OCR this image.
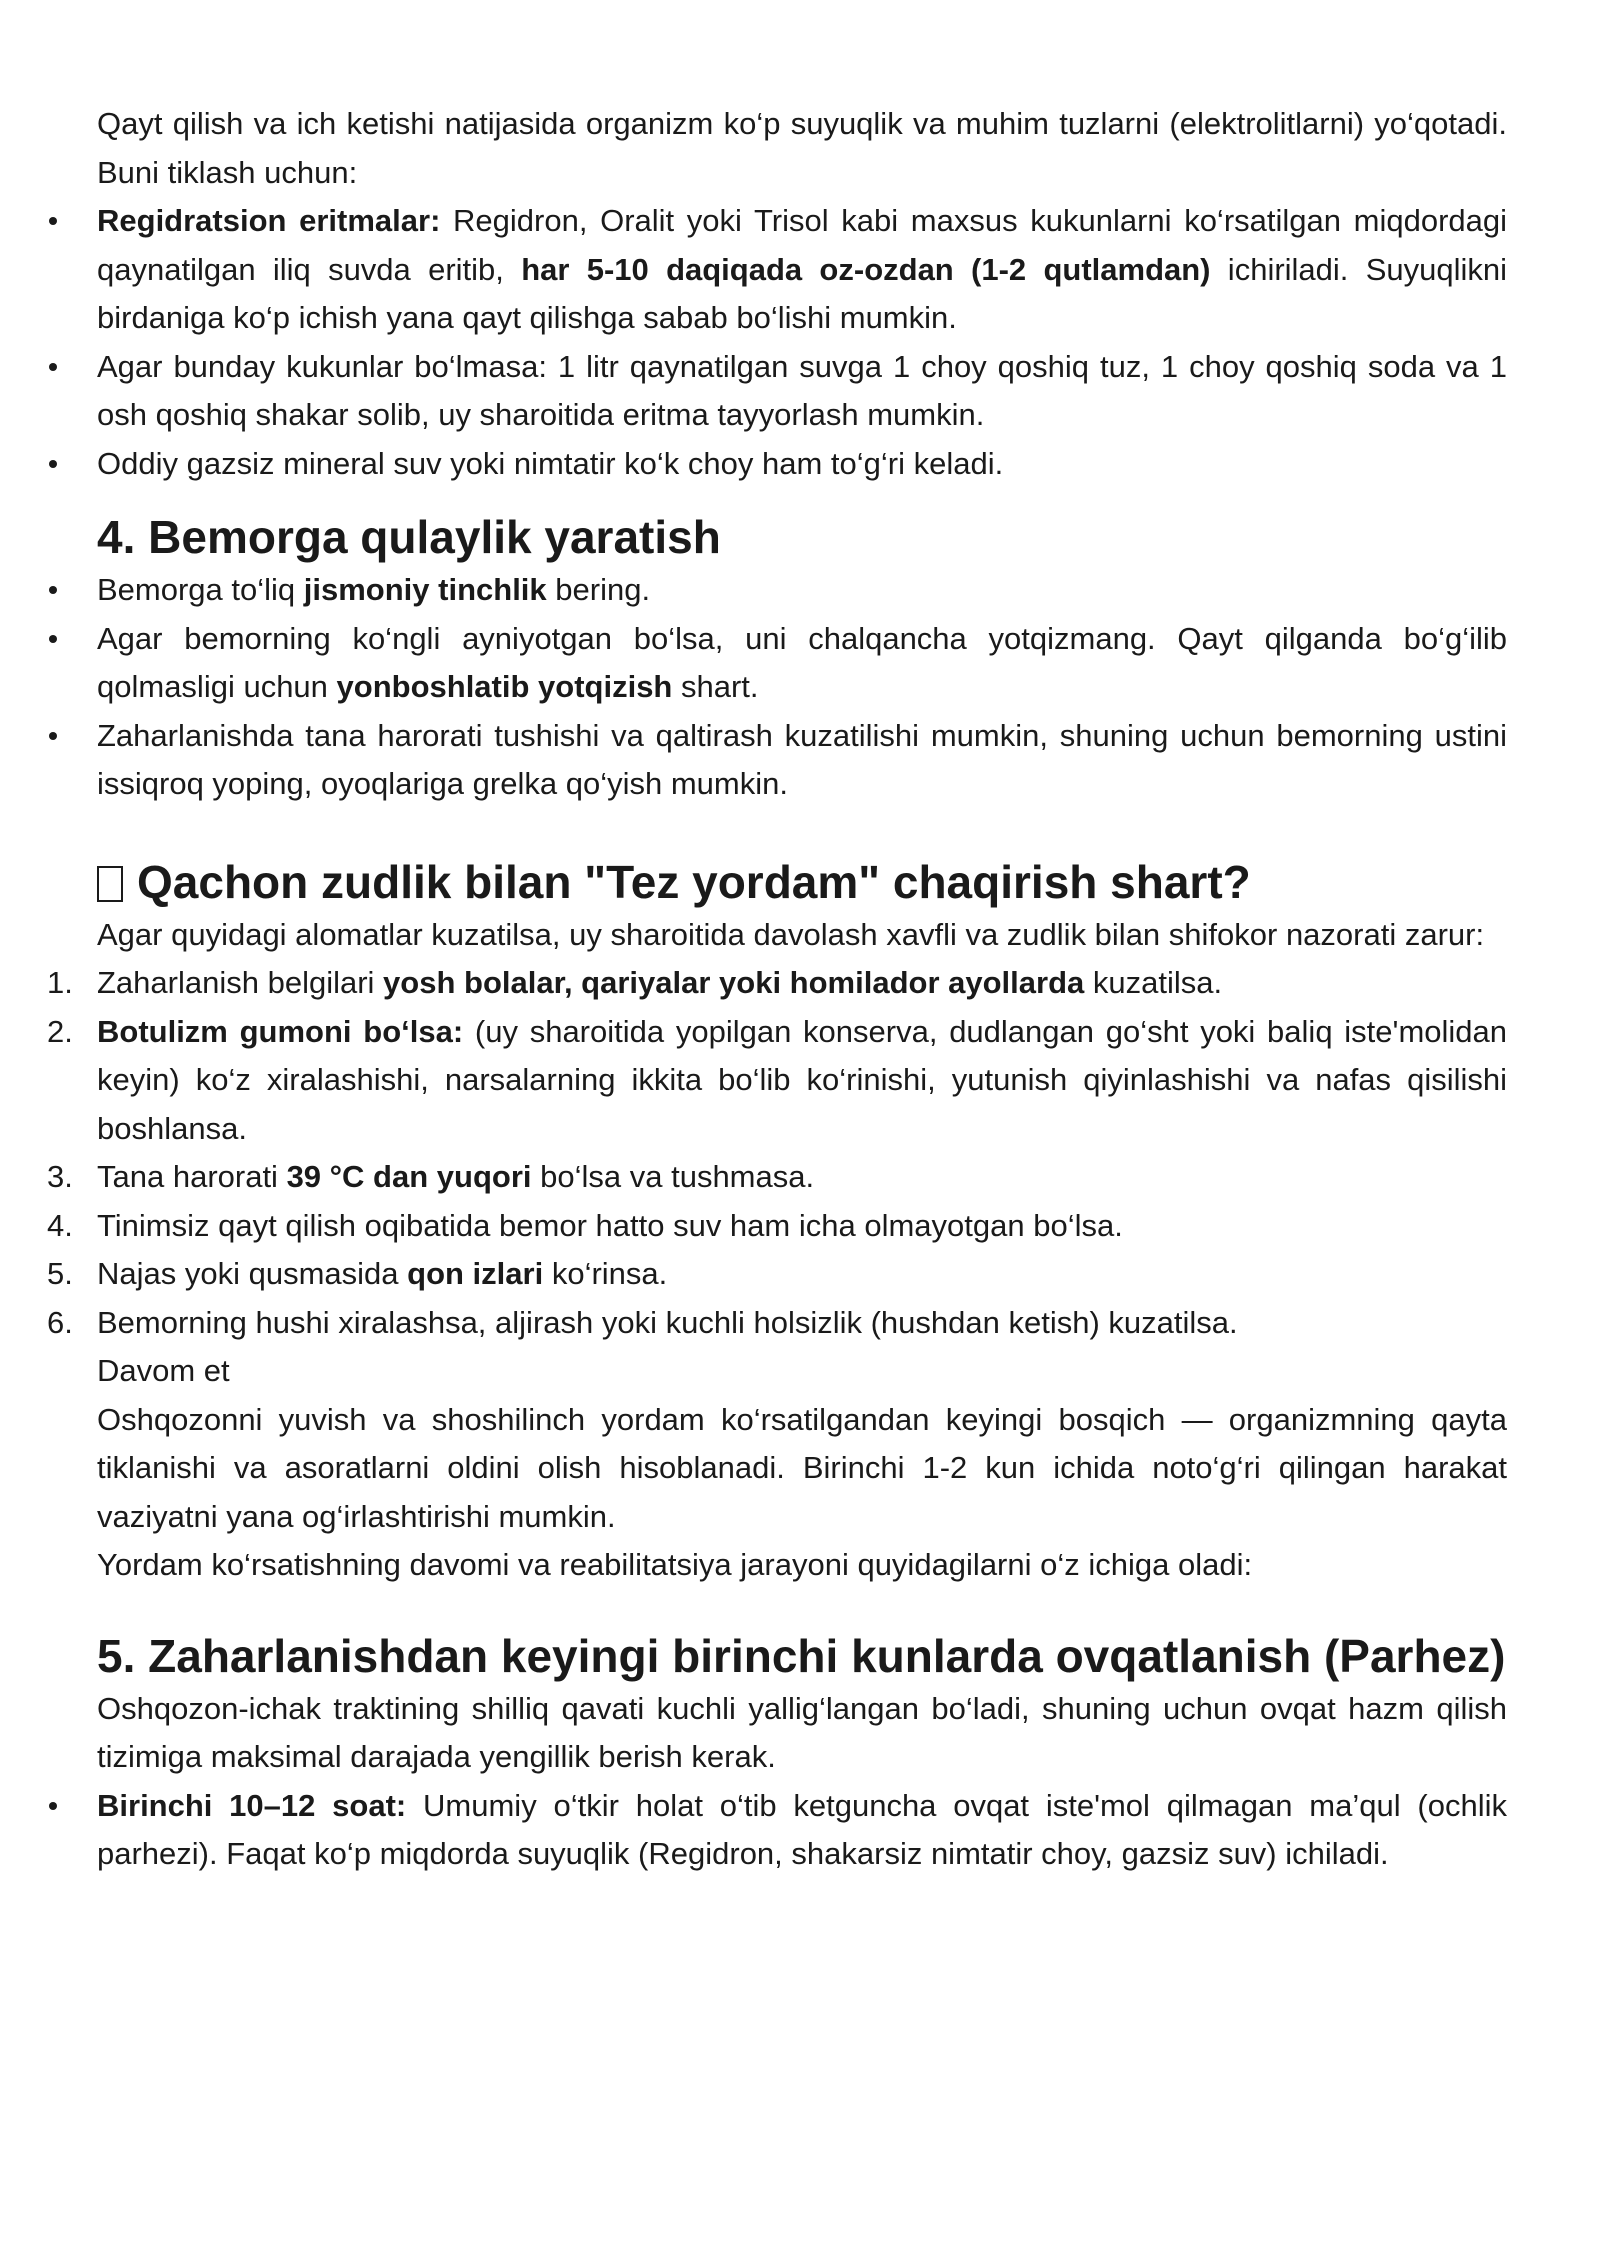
Qayt qilish va ich ketishi natijasida organizm ko‘p suyuqlik va muhim tuzlarni (elektrolitlarni) yo‘qotadi. Buni tiklash uchun:

Regidratsion eritmalar: Regidron, Oralit yoki Trisol kabi maxsus kukunlarni ko‘rsatilgan miqdordagi qaynatilgan iliq suvda eritib, har 5-10 daqiqada oz-ozdan (1-2 qutlamdan) ichiriladi. Suyuqlikni birdaniga ko‘p ichish yana qayt qilishga sabab bo‘lishi mumkin.
Agar bunday kukunlar bo‘lmasa: 1 litr qaynatilgan suvga 1 choy qoshiq tuz, 1 choy qoshiq soda va 1 osh qoshiq shakar solib, uy sharoitida eritma tayyorlash mumkin.
Oddiy gazsiz mineral suv yoki nimtatir ko‘k choy ham to‘g‘ri keladi.
4. Bemorga qulaylik yaratish
Bemorga to‘liq jismoniy tinchlik bering.
Agar bemorning ko‘ngli ayniyotgan bo‘lsa, uni chalqancha yotqizmang. Qayt qilganda bo‘g‘ilib qolmasligi uchun yonboshlatib yotqizish shart.
Zaharlanishda tana harorati tushishi va qaltirash kuzatilishi mumkin, shuning uchun bemorning ustini issiqroq yoping, oyoqlariga grelka qo‘yish mumkin.
Qachon zudlik bilan "Tez yordam" chaqirish shart?

Agar quyidagi alomatlar kuzatilsa, uy sharoitida davolash xavfli va zudlik bilan shifokor nazorati zarur:

1. Zaharlanish belgilari yosh bolalar, qariyalar yoki homilador ayollarda kuzatilsa.
2. Botulizm gumoni bo‘lsa: (uy sharoitida yopilgan konserva, dudlangan go‘sht yoki baliq iste'molidan keyin) ko‘z xiralashishi, narsalarning ikkita bo‘lib ko‘rinishi, yutunish qiyinlashishi va nafas qisilishi boshlansa.
3. Tana harorati 39 °C dan yuqori bo‘lsa va tushmasa.
4. Tinimsiz qayt qilish oqibatida bemor hatto suv ham icha olmayotgan bo‘lsa.
5. Najas yoki qusmasida qon izlari ko‘rinsa.
6. Bemorning hushi xiralashsa, aljirash yoki kuchli holsizlik (hushdan ketish) kuzatilsa.
Davom et

Oshqozonni yuvish va shoshilinch yordam ko‘rsatilgandan keyingi bosqich — organizmning qayta tiklanishi va asoratlarni oldini olish hisoblanadi. Birinchi 1-2 kun ichida noto‘g‘ri qilingan harakat vaziyatni yana og‘irlashtirishi mumkin.

Yordam ko‘rsatishning davomi va reabilitatsiya jarayoni quyidagilarni o‘z ichiga oladi:

5. Zaharlanishdan keyingi birinchi kunlarda ovqatlanish (Parhez)

Oshqozon-ichak traktining shilliq qavati kuchli yallig‘langan bo‘ladi, shuning uchun ovqat hazm qilish tizimiga maksimal darajada yengillik berish kerak.

Birinchi 10–12 soat: Umumiy o‘tkir holat o‘tib ketguncha ovqat iste'mol qilmagan ma’qul (ochlik parhezi). Faqat ko‘p miqdorda suyuqlik (Regidron, shakarsiz nimtatir choy, gazsiz suv) ichiladi.
